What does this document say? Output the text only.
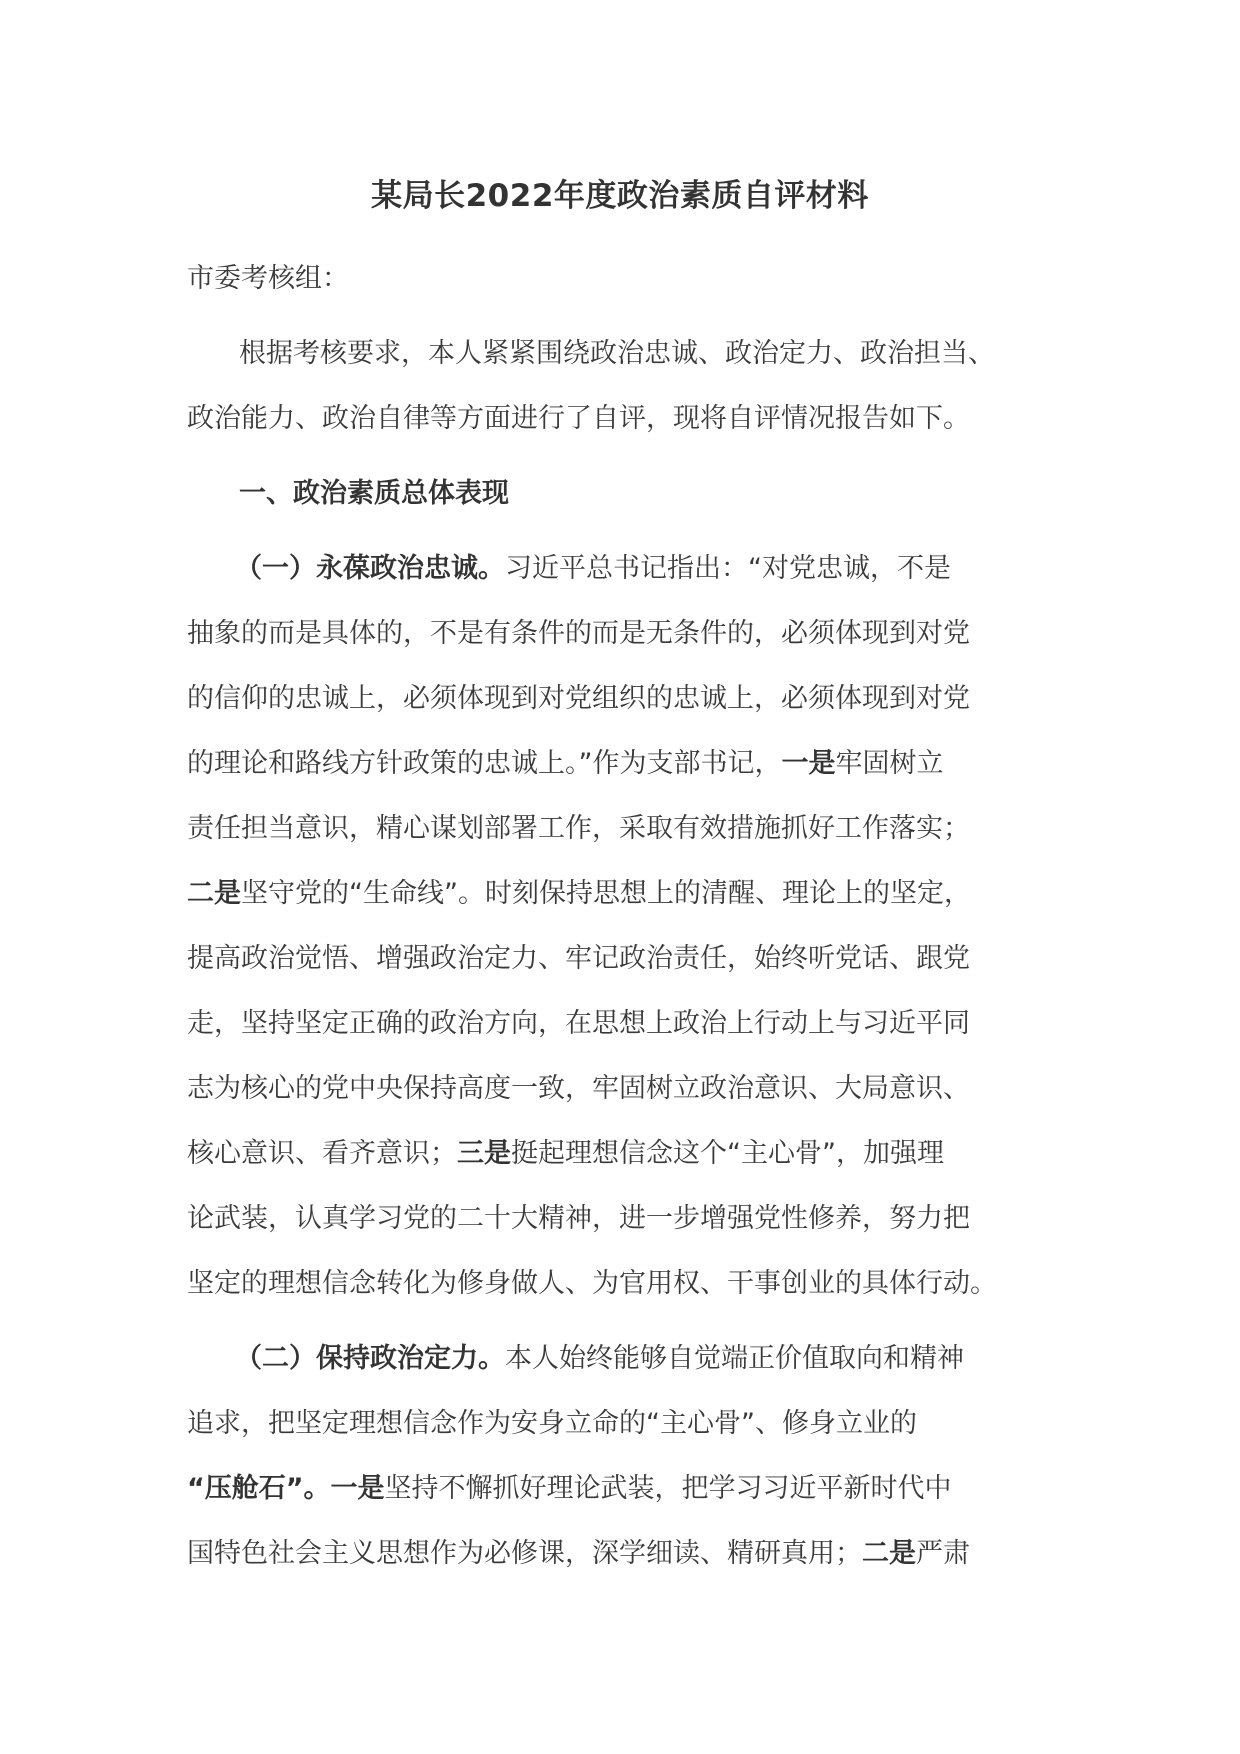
某局长2022年度政治素质自评材料
市委考核组：
根据考核要求，本人紧紧围绕政治忠诚、政治定力、政治担当、
政治能力、政治自律等方面进行了自评，现将自评情况报告如下。
一、政治素质总体表现
（一）永葆政治忠诚。习近平总书记指出：“对党忠诚，不是
抽象的而是具体的，不是有条件的而是无条件的，必须体现到对党
的信仰的忠诚上，必须体现到对党组织的忠诚上，必须体现到对党
的理论和路线方针政策的忠诚上。”作为支部书记，一是牢固树立
责任担当意识，精心谋划部署工作，采取有效措施抓好工作落实；
二是坚守党的“生命线”。时刻保持思想上的清醒、理论上的坚定，
提高政治觉悟、增强政治定力、牢记政治责任，始终听党话、跟党
走，坚持坚定正确的政治方向，在思想上政治上行动上与习近平同
志为核心的党中央保持高度一致，牢固树立政治意识、大局意识、
核心意识、看齐意识；三是挺起理想信念这个“主心骨”，加强理
论武装，认真学习党的二十大精神，进一步增强党性修养，努力把
坚定的理想信念转化为修身做人、为官用权、干事创业的具体行动。
（二）保持政治定力。本人始终能够自觉端正价值取向和精神
追求，把坚定理想信念作为安身立命的“主心骨”、修身立业的
“压舱石”。一是坚持不懈抓好理论武装，把学习习近平新时代中
国特色社会主义思想作为必修课，深学细读、精研真用；二是严肃
